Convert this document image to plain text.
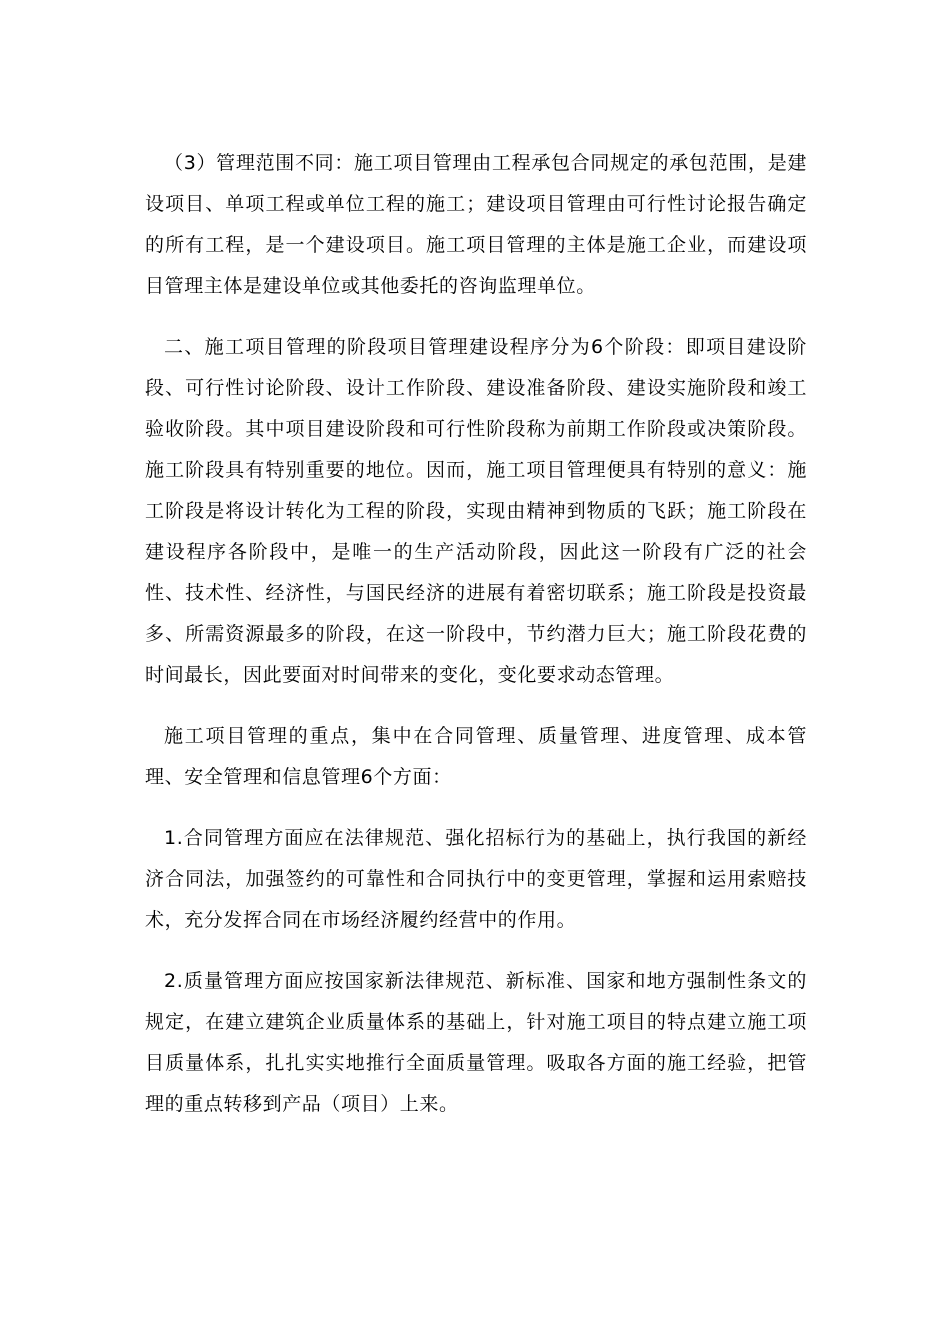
（3）管理范围不同：施工项目管理由工程承包合同规定的承包范围，是建设项目、单项工程或单位工程的施工；建设项目管理由可行性讨论报告确定的所有工程，是一个建设项目。施工项目管理的主体是施工企业，而建设项目管理主体是建设单位或其他委托的咨询监理单位。

二、施工项目管理的阶段项目管理建设程序分为6个阶段：即项目建设阶段、可行性讨论阶段、设计工作阶段、建设准备阶段、建设实施阶段和竣工验收阶段。其中项目建设阶段和可行性阶段称为前期工作阶段或决策阶段。施工阶段具有特别重要的地位。因而，施工项目管理便具有特别的意义：施工阶段是将设计转化为工程的阶段，实现由精神到物质的飞跃；施工阶段在建设程序各阶段中，是唯一的生产活动阶段，因此这一阶段有广泛的社会性、技术性、经济性，与国民经济的进展有着密切联系；施工阶段是投资最多、所需资源最多的阶段，在这一阶段中，节约潜力巨大；施工阶段花费的时间最长，因此要面对时间带来的变化，变化要求动态管理。

施工项目管理的重点，集中在合同管理、质量管理、进度管理、成本管理、安全管理和信息管理6个方面：

1.合同管理方面应在法律规范、强化招标行为的基础上，执行我国的新经济合同法，加强签约的可靠性和合同执行中的变更管理，掌握和运用索赔技术，充分发挥合同在市场经济履约经营中的作用。

2.质量管理方面应按国家新法律规范、新标准、国家和地方强制性条文的规定，在建立建筑企业质量体系的基础上，针对施工项目的特点建立施工项目质量体系，扎扎实实地推行全面质量管理。吸取各方面的施工经验，把管理的重点转移到产品（项目）上来。
